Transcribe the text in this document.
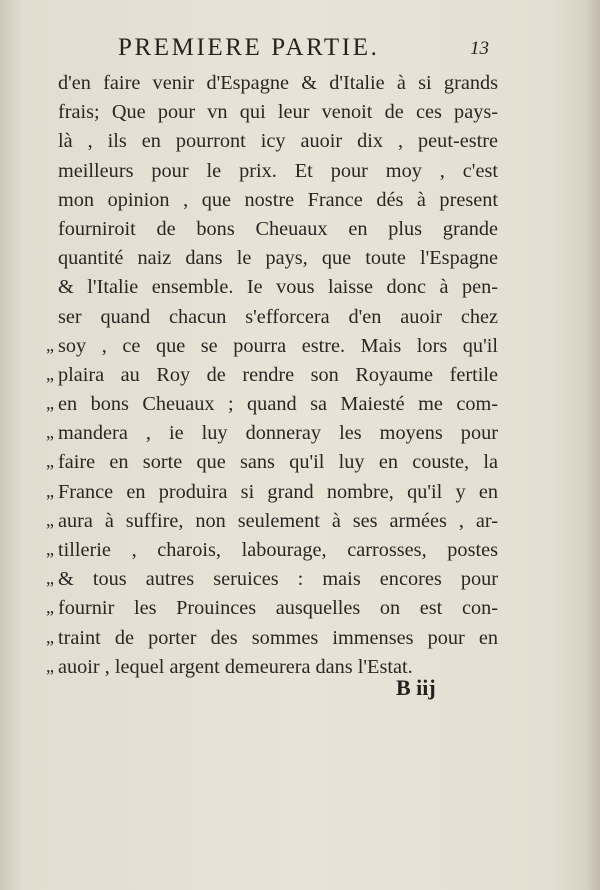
PREMIERE PARTIE.	13
d'en faire venir d'Espagne & d'Italie à si grands
frais; Que pour vn qui leur venoit de ces pays-
là , ils en pourront icy auoir dix , peut-estre
meilleurs pour le prix. Et pour moy , c'est
mon opinion , que nostre France dés à present
fourniroit de bons Cheuaux en plus grande
quantité naiz dans le pays, que toute l'Espagne
& l'Italie ensemble. Ie vous laisse donc à pen-
ser quand chacun s'efforcera d'en auoir chez
„ soy , ce que se pourra estre. Mais lors qu'il
„ plaira au Roy de rendre son Royaume fertile
„ en bons Cheuaux ; quand sa Maiesté me com-
„ mandera , ie luy donneray les moyens pour
„ faire en sorte que sans qu'il luy en couste, la
„ France en produira si grand nombre, qu'il y en
„ aura à suffire, non seulement à ses armées , ar-
„ tillerie , charois, labourage, carrosses, postes
„ & tous autres seruices : mais encores pour
„ fournir les Prouinces ausquelles on est con-
„ traint de porter des sommes immenses pour en
„ auoir , lequel argent demeurera dans l'Estat.
B iij
